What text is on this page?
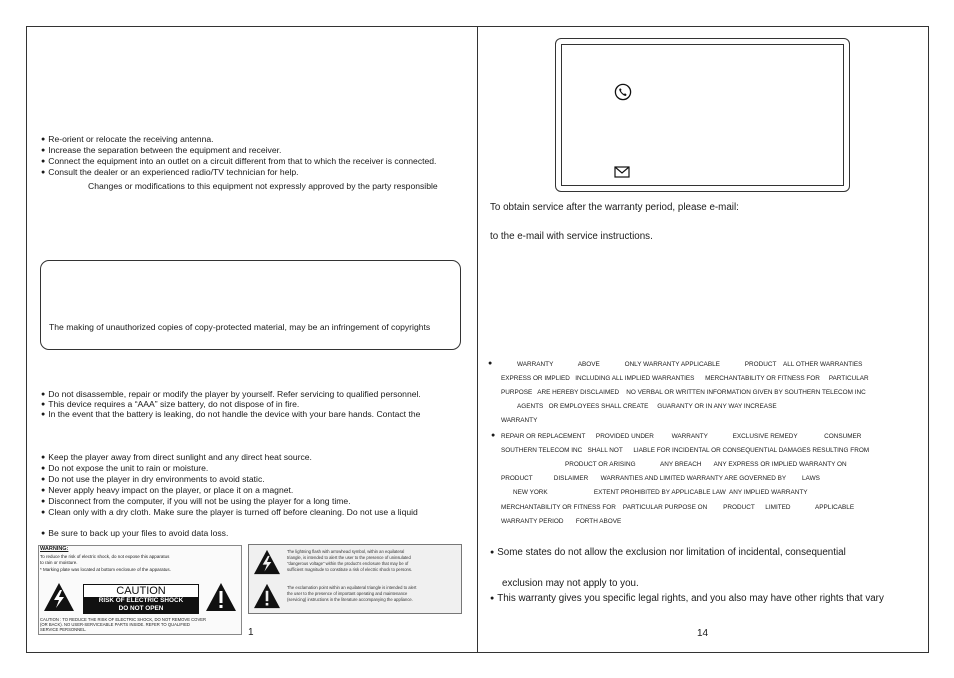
● Re-orient or relocate the receiving antenna.
● Increase the separation between the equipment and receiver.
● Connect the equipment into an outlet on a circuit different from that to which the receiver is connected.
● Consult the dealer or an experienced radio/TV technician for help.
Changes or modifications to this equipment not expressly approved by the party responsible
The making of unauthorized copies of copy-protected material, may be an infringement of copyrights
● Do not disassemble, repair or modify the player by yourself. Refer servicing to qualified personnel.
● This device requires a “AAA” size battery, do not dispose of in fire.
● In the event that the battery is leaking, do not handle the device with your bare hands. Contact the
● Keep the player away from direct sunlight and any direct heat source.
● Do not expose the unit to rain or moisture.
● Do not use the player in dry environments to avoid static.
● Never apply heavy impact on the player, or place it on a magnet.
● Disconnect from the computer, if you will not be using the player for a long time.
● Clean only with a dry cloth. Make sure the player is turned off before cleaning. Do not use a liquid
● Be sure to back up your files to avoid data loss.
WARNING:
To reduce the risk of electric shock, do not expose this apparatus
to rain or moisture.
* Marking plate was located at bottom enclosure of the apparatus.
CAUTION
RISK OF ELECTRIC SHOCK
DO NOT OPEN
CAUTION : TO REDUCE THE RISK OF ELECTRIC SHOCK, DO NOT REMOVE COVER
(OR BACK). NO USER-SERVICEABLE PARTS INSIDE. REFER TO QUALIFIED
SERVICE PERSONNEL.
The lightning flash with arrowhead symbol, within an equilateral
triangle, is intended to alert the user to the presence of uninsulated
"dangerous voltage" within the product's enclosure that may be of
sufficient magnitude to constitute a risk of electric shock to persons.
The exclamation point within an equilateral triangle is intended to alert
the user to the presence of important operating and maintenance
(servicing) instructions in the literature accompanying the appliance.
1
To obtain service after the warranty period, please e-mail:
to the e-mail with service instructions.
●	WARRANTY              ABOVE              ONLY WARRANTY APPLICABLE              PRODUCT    ALL OTHER WARRANTIES
EXPRESS OR IMPLIED   INCLUDING ALL IMPLIED WARRANTIES      MERCHANTABILITY OR FITNESS FOR     PARTICULAR
PURPOSE   ARE HEREBY DISCLAIMED    NO VERBAL OR WRITTEN INFORMATION GIVEN BY SOUTHERN TELECOM INC
AGENTS   OR EMPLOYEES SHALL CREATE     GUARANTY OR IN ANY WAY INCREASE
WARRANTY
● REPAIR OR REPLACEMENT      PROVIDED UNDER          WARRANTY              EXCLUSIVE REMEDY               CONSUMER
SOUTHERN TELECOM INC   SHALL NOT      LIABLE FOR INCIDENTAL OR CONSEQUENTIAL DAMAGES RESULTING FROM
PRODUCT OR ARISING              ANY BREACH       ANY EXPRESS OR IMPLIED WARRANTY ON
PRODUCT            DISLAIMER       WARRANTIES AND LIMITED WARRANTY ARE GOVERNED BY         LAWS
NEW YORK                          EXTENT PROHIBITED BY APPLICABLE LAW  ANY IMPLIED WARRANTY
MERCHANTABILITY OR FITNESS FOR    PARTICULAR PURPOSE ON         PRODUCT      LIMITED              APPLICABLE
WARRANTY PERIOD       FORTH ABOVE
● Some states do not allow the exclusion nor limitation of incidental, consequential
exclusion may not apply to you.
● This warranty gives you specific legal rights, and you also may have other rights that vary
14
